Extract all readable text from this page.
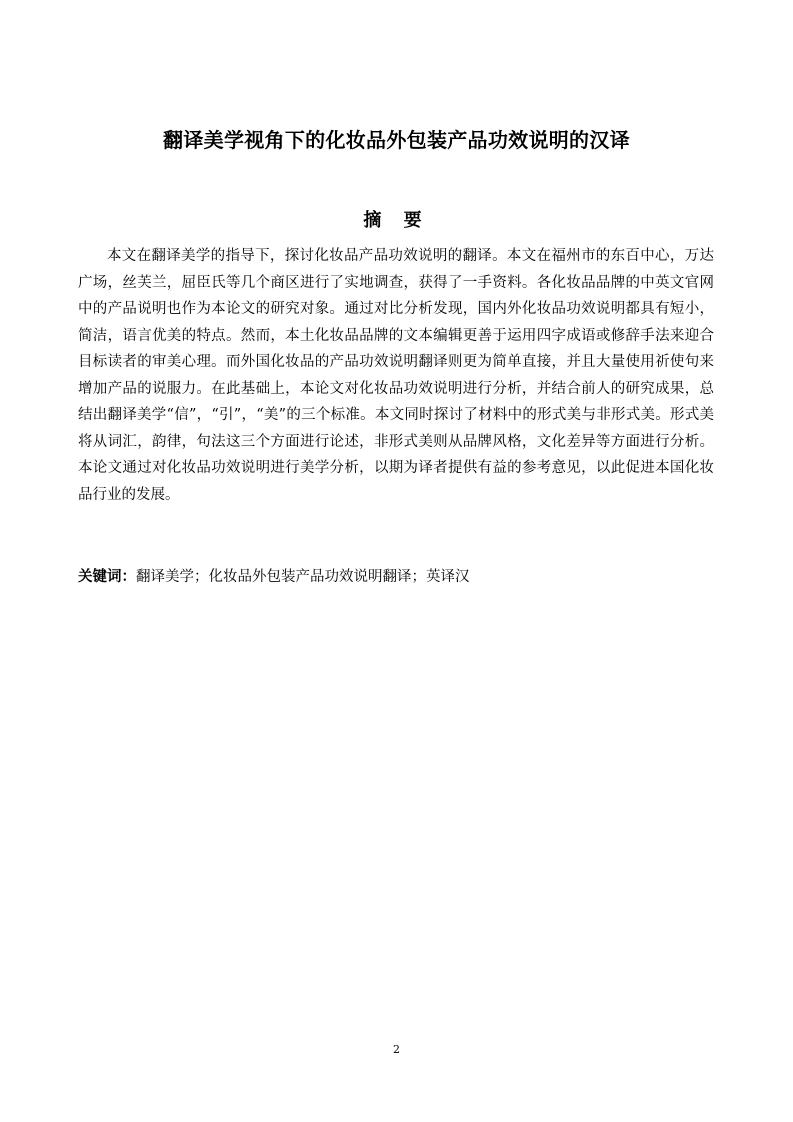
翻译美学视角下的化妆品外包装产品功效说明的汉译
摘 要

本文在翻译美学的指导下，探讨化妆品产品功效说明的翻译。本文在福州市的东百中心，万达广场，丝芙兰，屈臣氏等几个商区进行了实地调查，获得了一手资料。各化妆品品牌的中英文官网中的产品说明也作为本论文的研究对象。通过对比分析发现，国内外化妆品功效说明都具有短小，简洁，语言优美的特点。然而，本土化妆品品牌的文本编辑更善于运用四字成语或修辞手法来迎合目标读者的审美心理。而外国化妆品的产品功效说明翻译则更为简单直接，并且大量使用祈使句来增加产品的说服力。在此基础上，本论文对化妆品功效说明进行分析，并结合前人的研究成果，总结出翻译美学“信”，“引”，“美”的三个标准。本文同时探讨了材料中的形式美与非形式美。形式美将从词汇，韵律，句法这三个方面进行论述，非形式美则从品牌风格，文化差异等方面进行分析。本论文通过对化妆品功效说明进行美学分析，以期为译者提供有益的参考意见，以此促进本国化妆品行业的发展。

关键词：翻译美学；化妆品外包装产品功效说明翻译；英译汉

2
